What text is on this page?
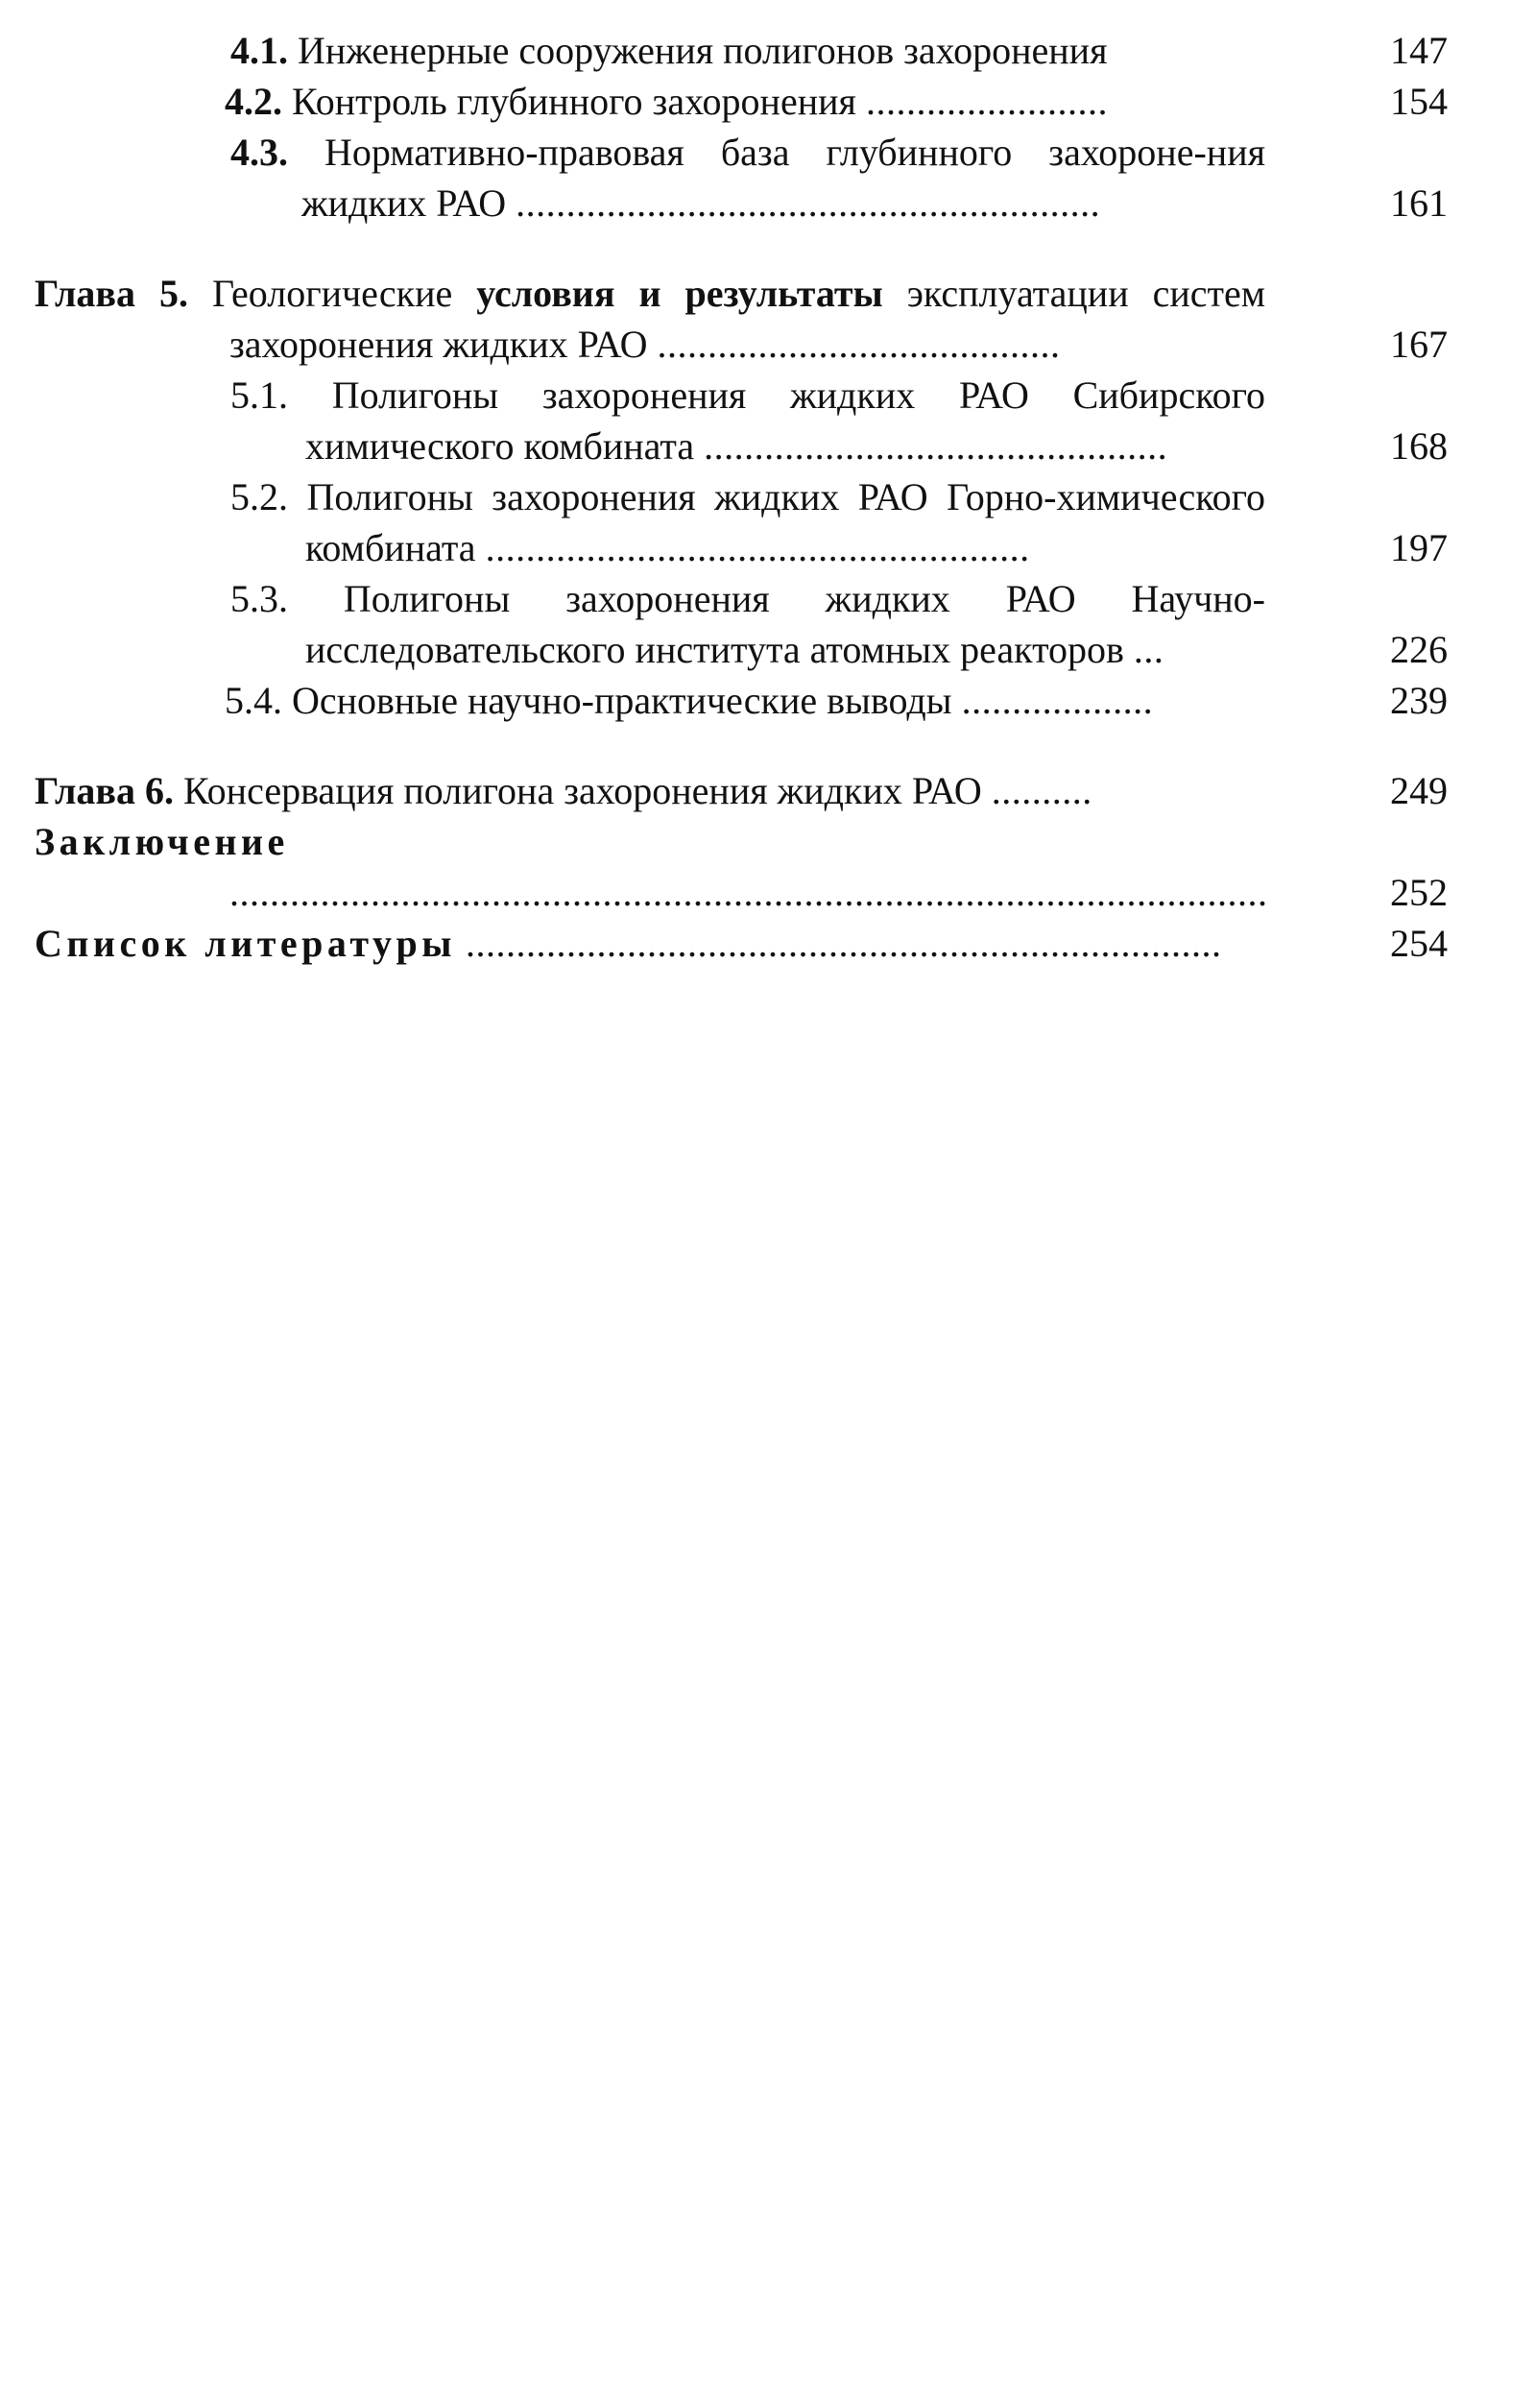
4.1. Инженерные сооружения полигонов захоронения	147
4.2. Контроль глубинного захоронения ........................	154
4.3. Нормативно-правовая база глубинного захороне-ния жидких РАО ..........................................................	161
Глава 5. Геологические условия и результаты эксплуатации систем захоронения жидких РАО ........................................	167
5.1. Полигоны захоронения жидких РАО Сибирского химического комбината ..............................................	168
5.2. Полигоны захоронения жидких РАО Горно-химического комбината ......................................................	197
5.3. Полигоны захоронения жидких РАО Научно-исследовательского института атомных реакторов ...	226
5.4. Основные научно-практические выводы ...................	239
Глава 6. Консервация полигона захоронения жидких РАО ..........	249
Заключение .......................................................................................................	252
Список литературы ...........................................................................	254
